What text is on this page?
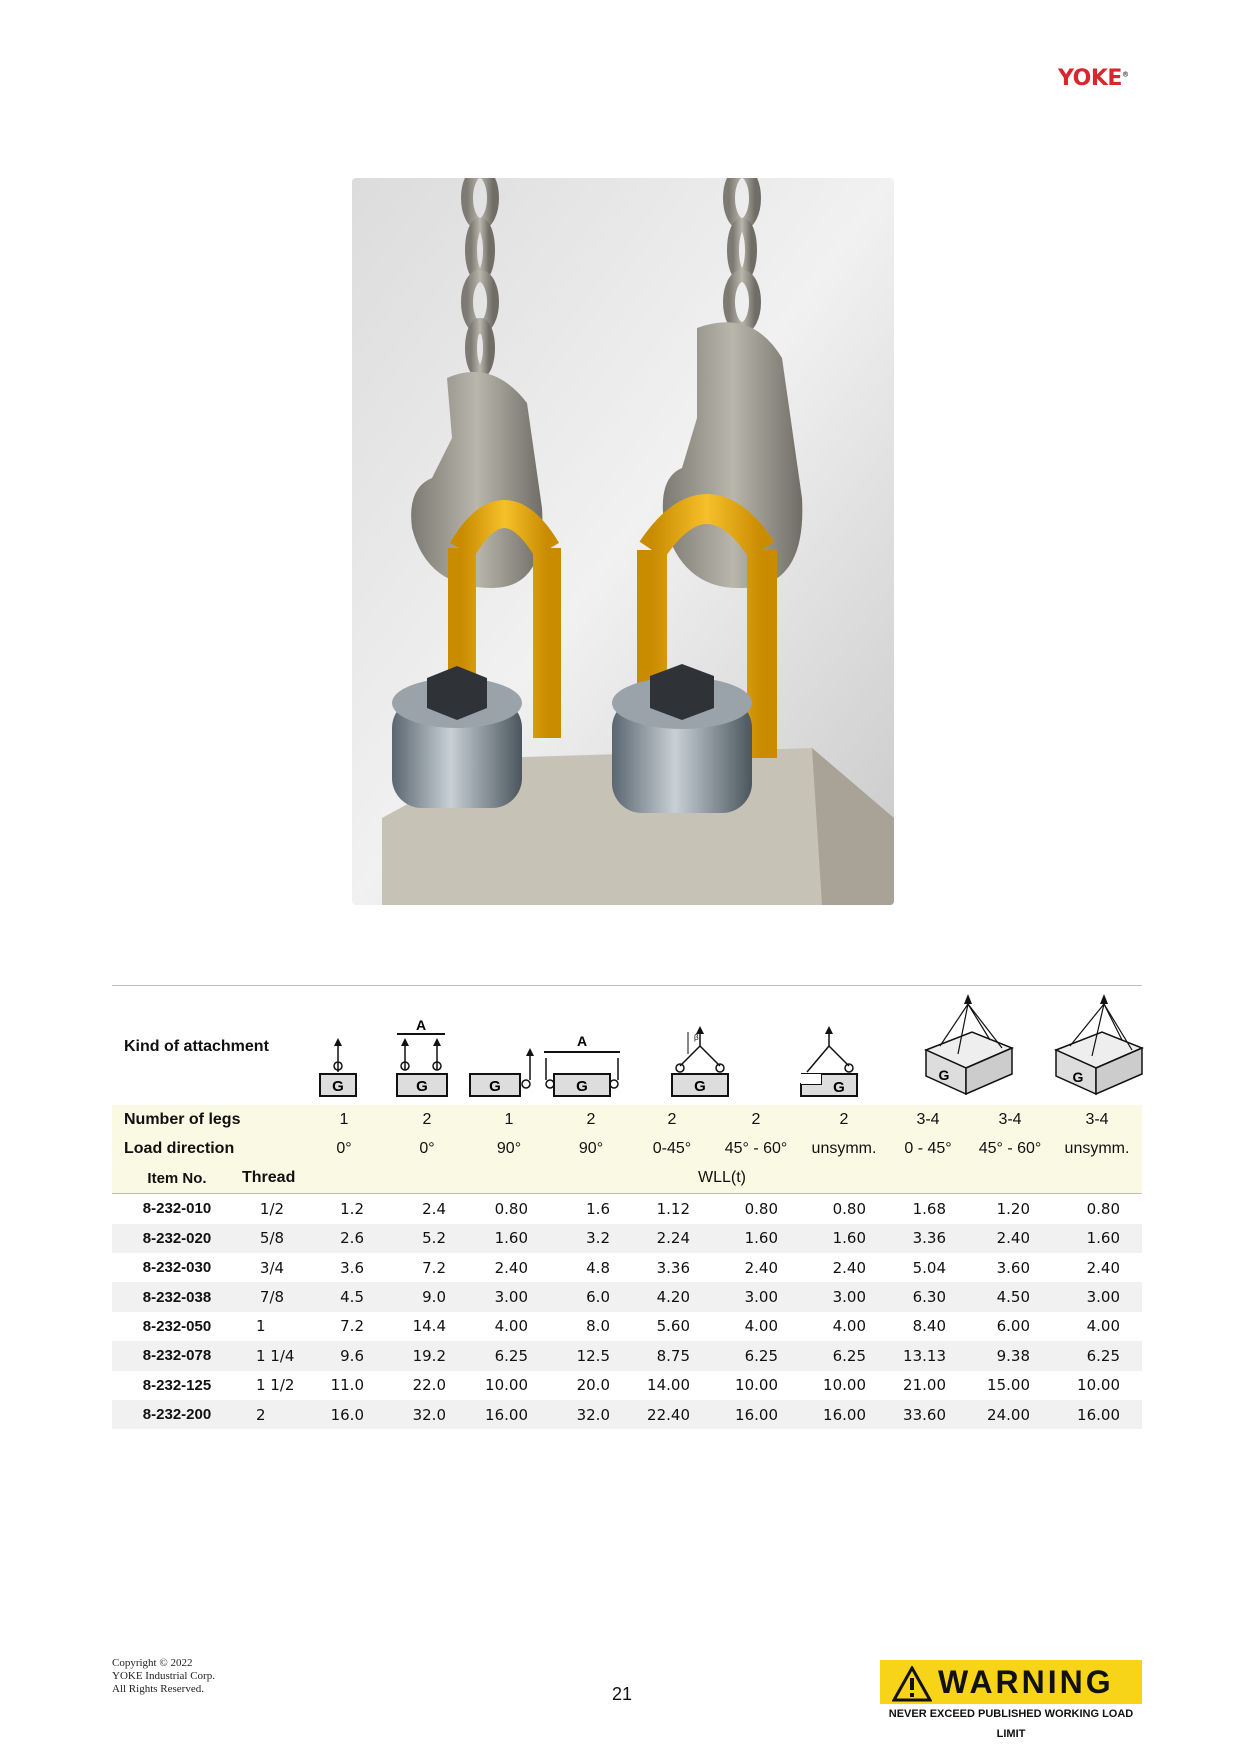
YOKE®
Kind of attachment
G
A
G	G
A
G	G
β
G
G	G
Number of legs		1	2	1	2	2	2	2	3-4	3-4	3-4
Load direction		0°	0°	90°	90°	0-45°	45° - 60°	unsymm.	0 - 45°	45° - 60°	unsymm.
Item No.	Thread	WLL(t)									
8-232-010	1/2	1.2	2.4	0.80	1.6	1.12	0.80	0.80	1.68	1.20	0.80
8-232-020	5/8	2.6	5.2	1.60	3.2	2.24	1.60	1.60	3.36	2.40	1.60
8-232-030	3/4	3.6	7.2	2.40	4.8	3.36	2.40	2.40	5.04	3.60	2.40
8-232-038	7/8	4.5	9.0	3.00	6.0	4.20	3.00	3.00	6.30	4.50	3.00
8-232-050	1	7.2	14.4	4.00	8.0	5.60	4.00	4.00	8.40	6.00	4.00
8-232-078	1 1/4	9.6	19.2	6.25	12.5	8.75	6.25	6.25	13.13	9.38	6.25
8-232-125	1 1/2	11.0	22.0	10.00	20.0	14.00	10.00	10.00	21.00	15.00	10.00
8-232-200	2	16.0	32.0	16.00	32.0	22.40	16.00	16.00	33.60	24.00	16.00
Copyright © 2022
YOKE Industrial Corp.
All Rights Reserved.	21	WARNING
NEVER EXCEED PUBLISHED WORKING LOAD LIMIT
